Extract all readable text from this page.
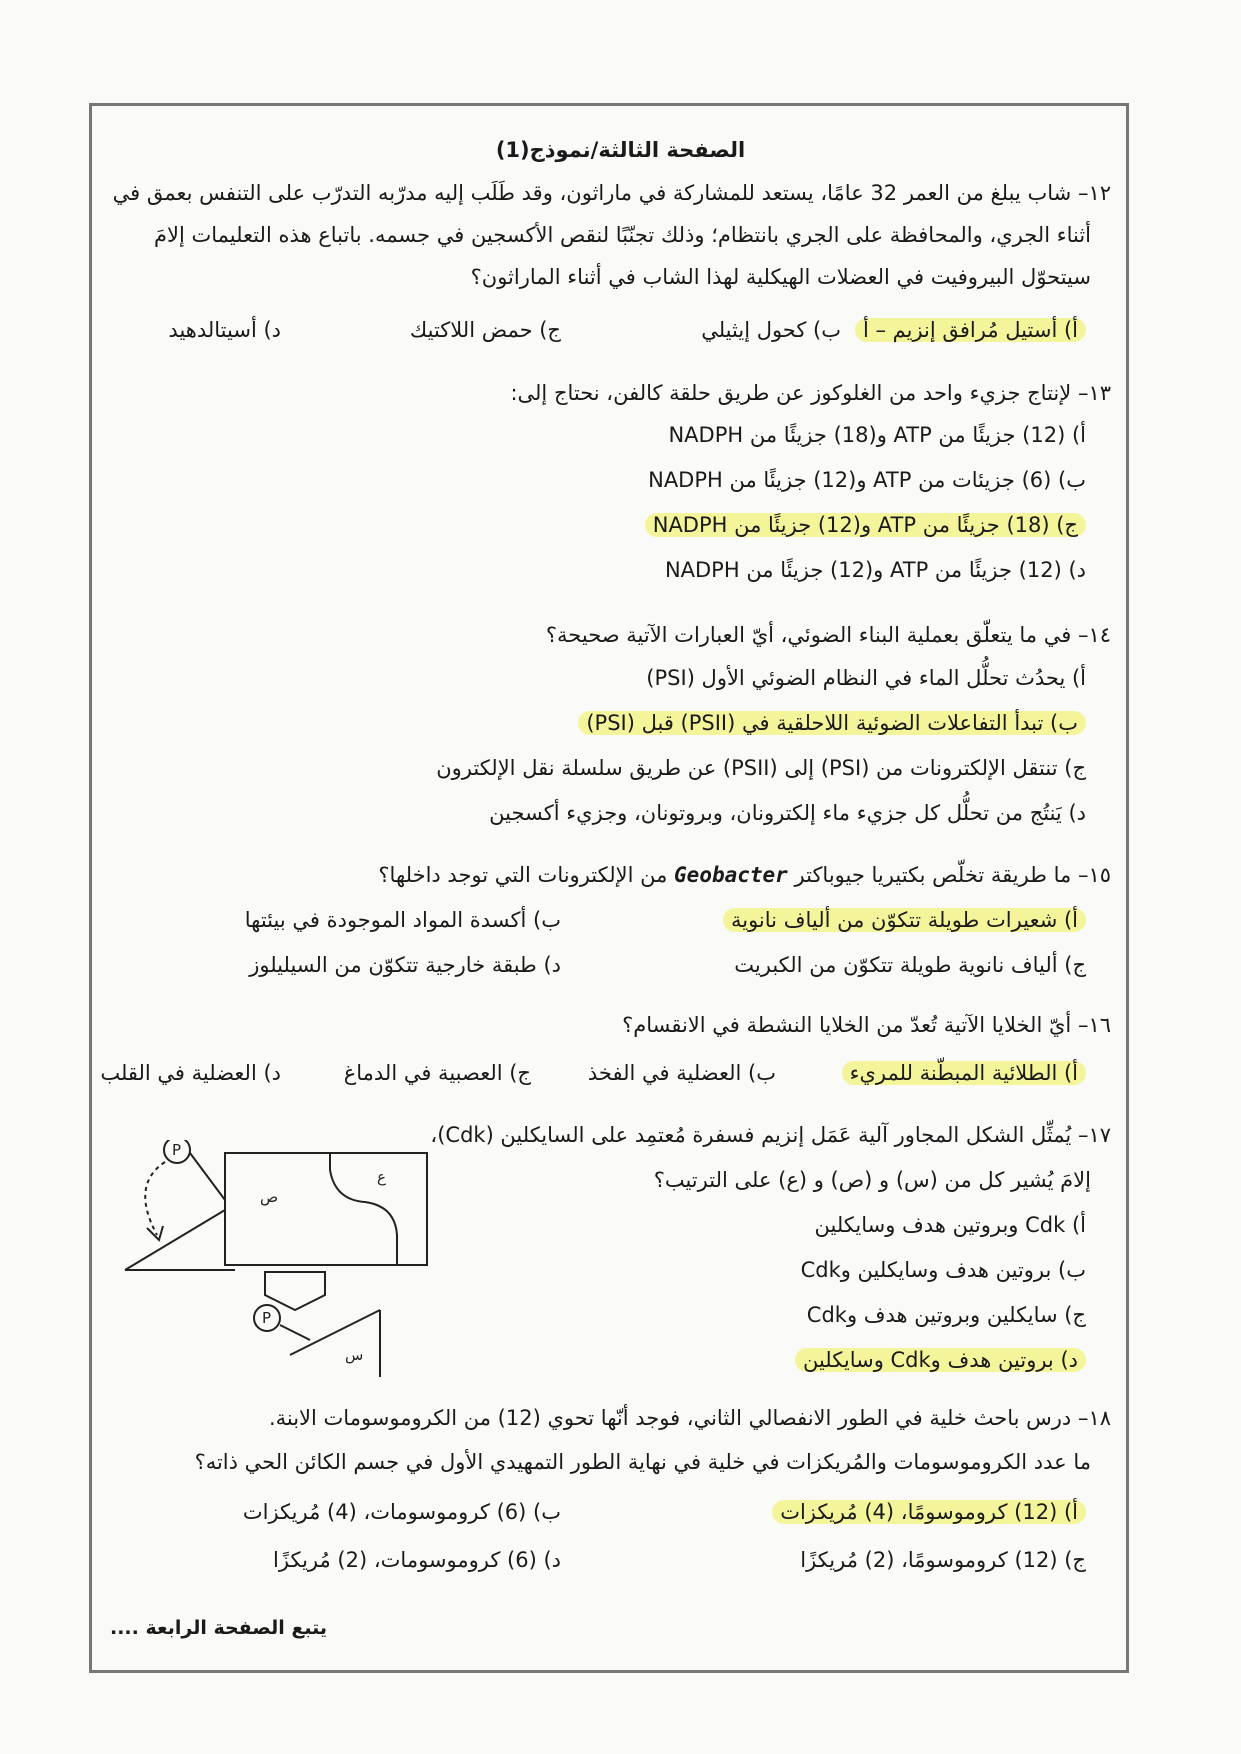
الصفحة الثالثة/نموذج(1)
١٢– شاب يبلغ من العمر 32 عامًا، يستعد للمشاركة في ماراثون، وقد طَلَب إليه مدرّبه التدرّب على التنفس بعمق في
أثناء الجري، والمحافظة على الجري بانتظام؛ وذلك تجنّبًا لنقص الأكسجين في جسمه. باتباع هذه التعليمات إلامَ
سيتحوّل البيروفيت في العضلات الهيكلية لهذا الشاب في أثناء الماراثون؟
أ) أستيل مُرافق إنزيم – أ
ب) كحول إيثيلي
ج) حمض اللاكتيك
د) أسيتالدهيد
١٣– لإنتاج جزيء واحد من الغلوكوز عن طريق حلقة كالفن، نحتاج إلى:
أ) (12) جزيئًا من ATP و(18) جزيئًا من NADPH
ب) (6) جزيئات من ATP و(12) جزيئًا من NADPH
ج) (18) جزيئًا من ATP و(12) جزيئًا من NADPH
د) (12) جزيئًا من ATP و(12) جزيئًا من NADPH
١٤– في ما يتعلّق بعملية البناء الضوئي، أيّ العبارات الآتية صحيحة؟
أ) يحدُث تحلُّل الماء في النظام الضوئي الأول (PSI)
ب) تبدأ التفاعلات الضوئية اللاحلقية في (PSII) قبل (PSI)
ج) تنتقل الإلكترونات من (PSI) إلى (PSII) عن طريق سلسلة نقل الإلكترون
د) يَنتُج من تحلُّل كل جزيء ماء إلكترونان، وبروتونان، وجزيء أكسجين
١٥– ما طريقة تخلّص بكتيريا جيوباكتر Geobacter من الإلكترونات التي توجد داخلها؟
أ) شعيرات طويلة تتكوّن من ألياف نانوية
ب) أكسدة المواد الموجودة في بيئتها
ج) ألياف نانوية طويلة تتكوّن من الكبريت
د) طبقة خارجية تتكوّن من السيليلوز
١٦– أيّ الخلايا الآتية تُعدّ من الخلايا النشطة في الانقسام؟
أ) الطلائية المبطّنة للمريء
ب) العضلية في الفخذ
ج) العصبية في الدماغ
د) العضلية في القلب
١٧– يُمثِّل الشكل المجاور آلية عَمَل إنزيم فسفرة مُعتمِد على السايكلين (Cdk)،
إلامَ يُشير كل من (س) و (ص) و (ع) على الترتيب؟
أ) Cdk وبروتين هدف وسايكلين
ب) بروتين هدف وسايكلين وCdk
ج) سايكلين وبروتين هدف وCdk
د) بروتين هدف وCdk وسايكلين
P
P
ص
ع
س
١٨– درس باحث خلية في الطور الانفصالي الثاني، فوجد أنّها تحوي (12) من الكروموسومات الابنة.
ما عدد الكروموسومات والمُريكزات في خلية في نهاية الطور التمهيدي الأول في جسم الكائن الحي ذاته؟
أ) (12) كروموسومًا، (4) مُريكزات
ب) (6) كروموسومات، (4) مُريكزات
ج) (12) كروموسومًا، (2) مُريكزًا
د) (6) كروموسومات، (2) مُريكزًا
يتبع الصفحة الرابعة ....
